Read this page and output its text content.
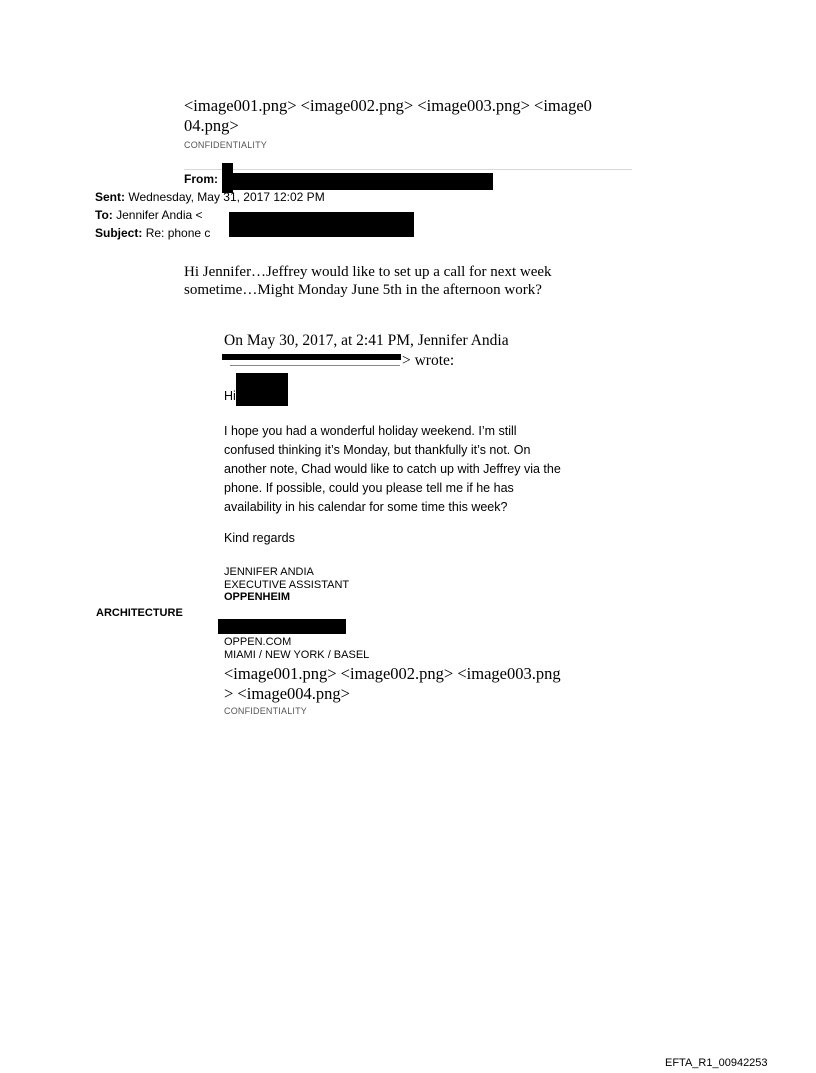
<image001.png> <image002.png> <image003.png> <image0
04.png>
CONFIDENTIALITY
From:
Sent: Wednesday, May 31, 2017 12:02 PM
To: Jennifer Andia <
Subject: Re: phone c
Hi Jennifer…Jeffrey would like to set up a call for next week
sometime…Might Monday June 5th in the afternoon work?
On May 30, 2017, at 2:41 PM, Jennifer Andia
> wrote:
Hi
I hope you had a wonderful holiday weekend. I’m still
confused thinking it’s Monday, but thankfully it’s not. On
another note, Chad would like to catch up with Jeffrey via the
phone. If possible, could you please tell me if he has
availability in his calendar for some time this week?
Kind regards
JENNIFER ANDIA
EXECUTIVE ASSISTANT
OPPENHEIM
ARCHITECTURE
OPPEN.COM
MIAMI / NEW YORK / BASEL
<image001.png> <image002.png> <image003.png
> <image004.png>
CONFIDENTIALITY
EFTA_R1_00942253
